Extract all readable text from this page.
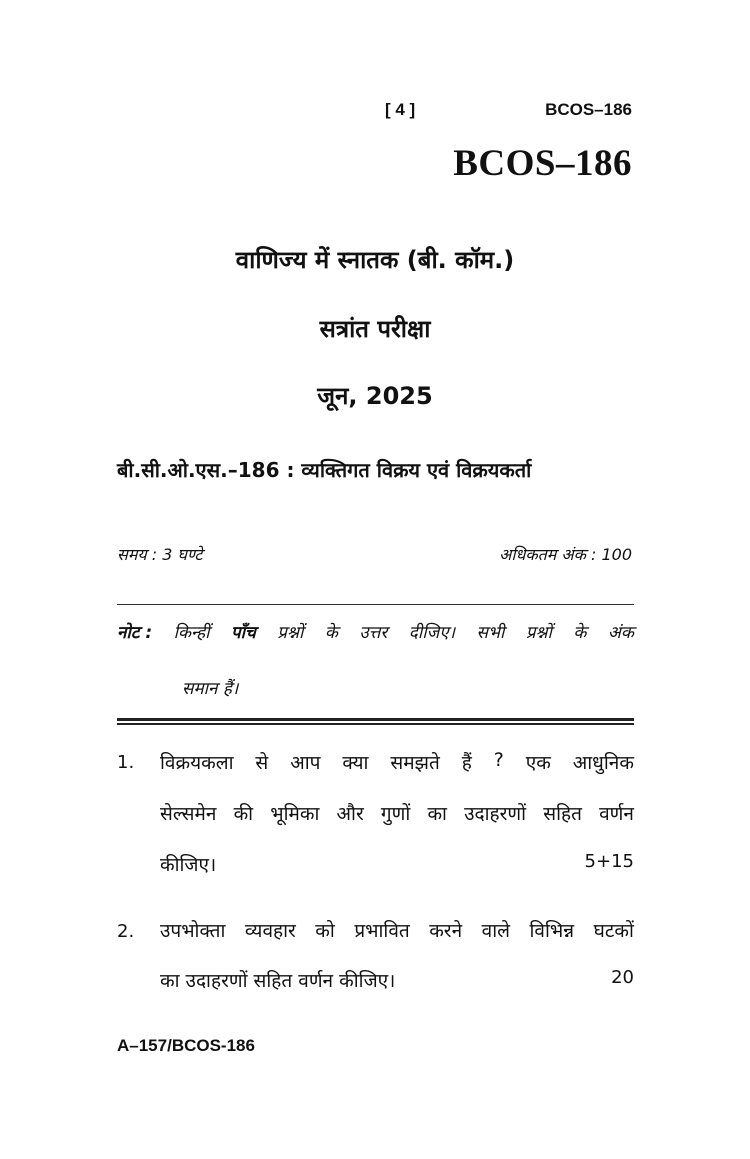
[ 4 ]	BCOS–186
BCOS–186
वाणिज्य में स्नातक (बी. कॉम.)
सत्रांत परीक्षा
जून, 2025
बी.सी.ओ.एस.–186 : व्यक्तिगत विक्रय एवं विक्रयकर्ता
समय : 3 घण्टे	अधिकतम अंक : 100
नोट : किन्हीं पाँच प्रश्नों के उत्तर दीजिए। सभी प्रश्नों के अंक
समान हैं।
1. विक्रयकला से आप क्या समझते हैं ? एक आधुनिक
सेल्समेन की भूमिका और गुणों का उदाहरणों सहित वर्णन
कीजिए।	5+15
2. उपभोक्ता व्यवहार को प्रभावित करने वाले विभिन्न घटकों
का उदाहरणों सहित वर्णन कीजिए।	20
A–157/BCOS-186
